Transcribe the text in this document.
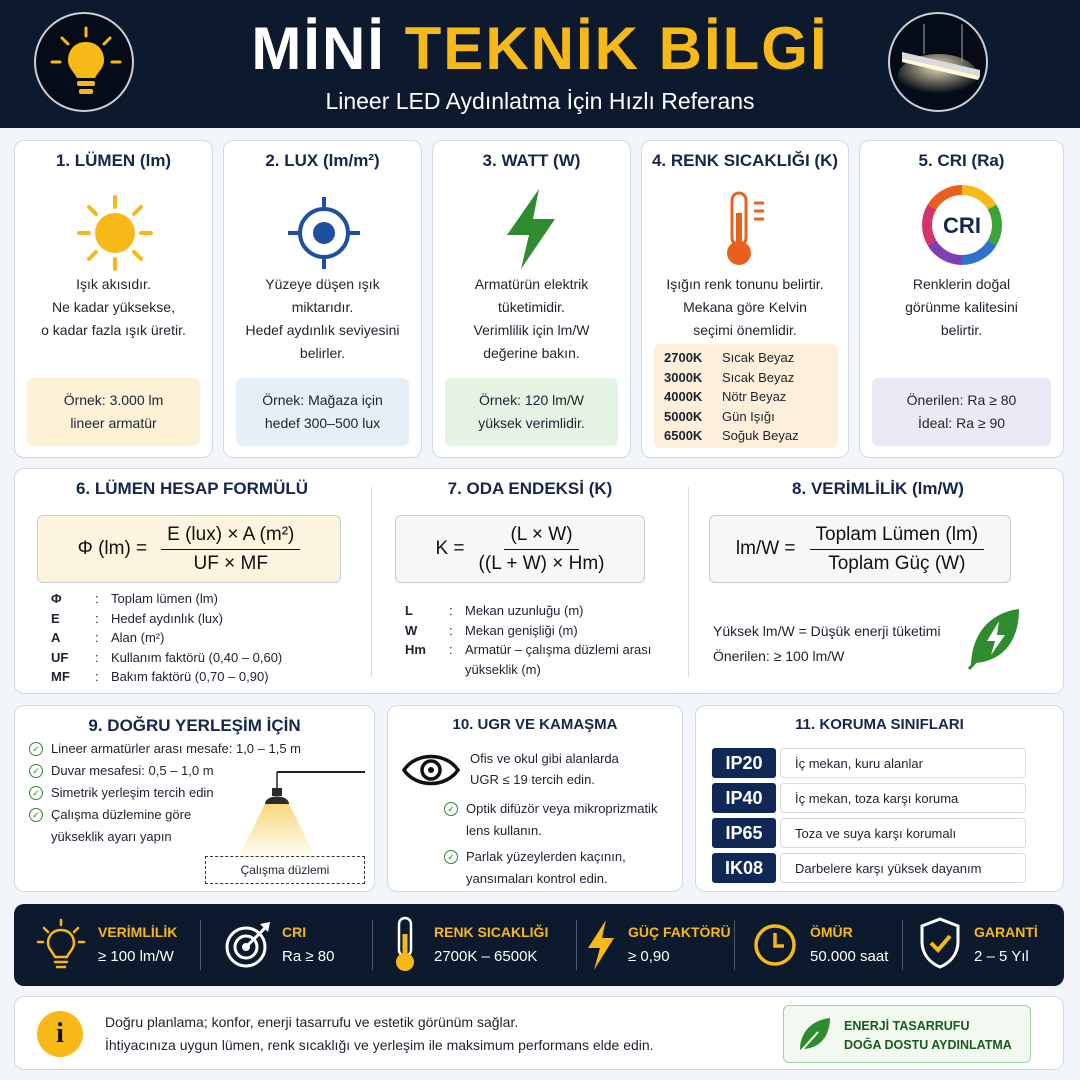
MİNİ TEKNİK BİLGİ
Lineer LED Aydınlatma İçin Hızlı Referans
1. LÜMEN (lm)
Işık akısıdır.
Ne kadar yüksekse,
o kadar fazla ışık üretir.
Örnek: 3.000 lm
lineer armatür
2. LUX (lm/m²)
Yüzeye düşen ışık
miktarıdır.
Hedef aydınlık seviyesini
belirler.
Örnek: Mağaza için
hedef 300–500 lux
3. WATT (W)
Armatürün elektrik
tüketimidir.
Verimlilik için lm/W
değerine bakın.
Örnek: 120 lm/W
yüksek verimlidir.
4. RENK SICAKLIĞI (K)
Işığın renk tonunu belirtir.
Mekana göre Kelvin
seçimi önemlidir.
2700K	Sıcak Beyaz
3000K	Sıcak Beyaz
4000K	Nötr Beyaz
5000K	Gün Işığı
6500K	Soğuk Beyaz
5. CRI (Ra)
CRI
Renklerin doğal
görünme kalitesini
belirtir.
Önerilen: Ra ≥ 80
İdeal: Ra ≥ 90
6. LÜMEN HESAP FORMÜLÜ
Φ $(lm) = \frac{\text{E (lux) × A (m²)}}{UF \times MF}$
Φ	: Toplam lümen (lm)
E	: Hedef aydınlık (lux)
A	: Alan (m²)
UF	: Kullanım faktörü (0,40 – 0,60)
MF	: Bakım faktörü (0,70 – 0,90)
7. ODA ENDEKSİ (K)
$K = \frac{(L \times W)}{((L + W) \times Hm)}$
L	: Mekan uzunluğu (m)
W	: Mekan genişliği (m)
Hm	: Armatür – çalışma düzlemi arası
yükseklik (m)
8. VERİMLİLİK (lm/W)
$lm/W = \frac{\text{Toplam Lümen (lm)}}{\text{Toplam Güç (W)}}$
Yüksek lm/W = Düşük enerji tüketimi
Önerilen: ≥ 100 lm/W
9. DOĞRU YERLEŞİM İÇİN
✓ Lineer armatürler arası mesafe: 1,0 – 1,5 m
✓ Duvar mesafesi: 0,5 – 1,0 m
✓ Simetrik yerleşim tercih edin
✓ Çalışma düzlemine göre
yükseklik ayarı yapın
Çalışma düzlemi
10. UGR VE KAMAŞMA
Ofis ve okul gibi alanlarda
UGR ≤ 19 tercih edin.
✓ Optik difüzör veya mikroprizmatik
lens kullanın.
✓ Parlak yüzeylerden kaçının,
yansımaları kontrol edin.
11. KORUMA SINIFLARI
IP20	İç mekan, kuru alanlar
IP40	İç mekan, toza karşı koruma
IP65	Toza ve suya karşı korumalı
IK08	Darbelere karşı yüksek dayanım
VERİMLİLİK
≥ 100 lm/W
CRI
Ra ≥ 80
RENK SICAKLIĞI
2700K – 6500K
GÜÇ FAKTÖRÜ
≥ 0,90
ÖMÜR
50.000 saat
GARANTİ
2 – 5 Yıl
i	Doğru planlama; konfor, enerji tasarrufu ve estetik görünüm sağlar.
İhtiyacınıza uygun lümen, renk sıcaklığı ve yerleşim ile maksimum performans elde edin.
ENERJİ TASARRUFU
DOĞA DOSTU AYDINLATMA
